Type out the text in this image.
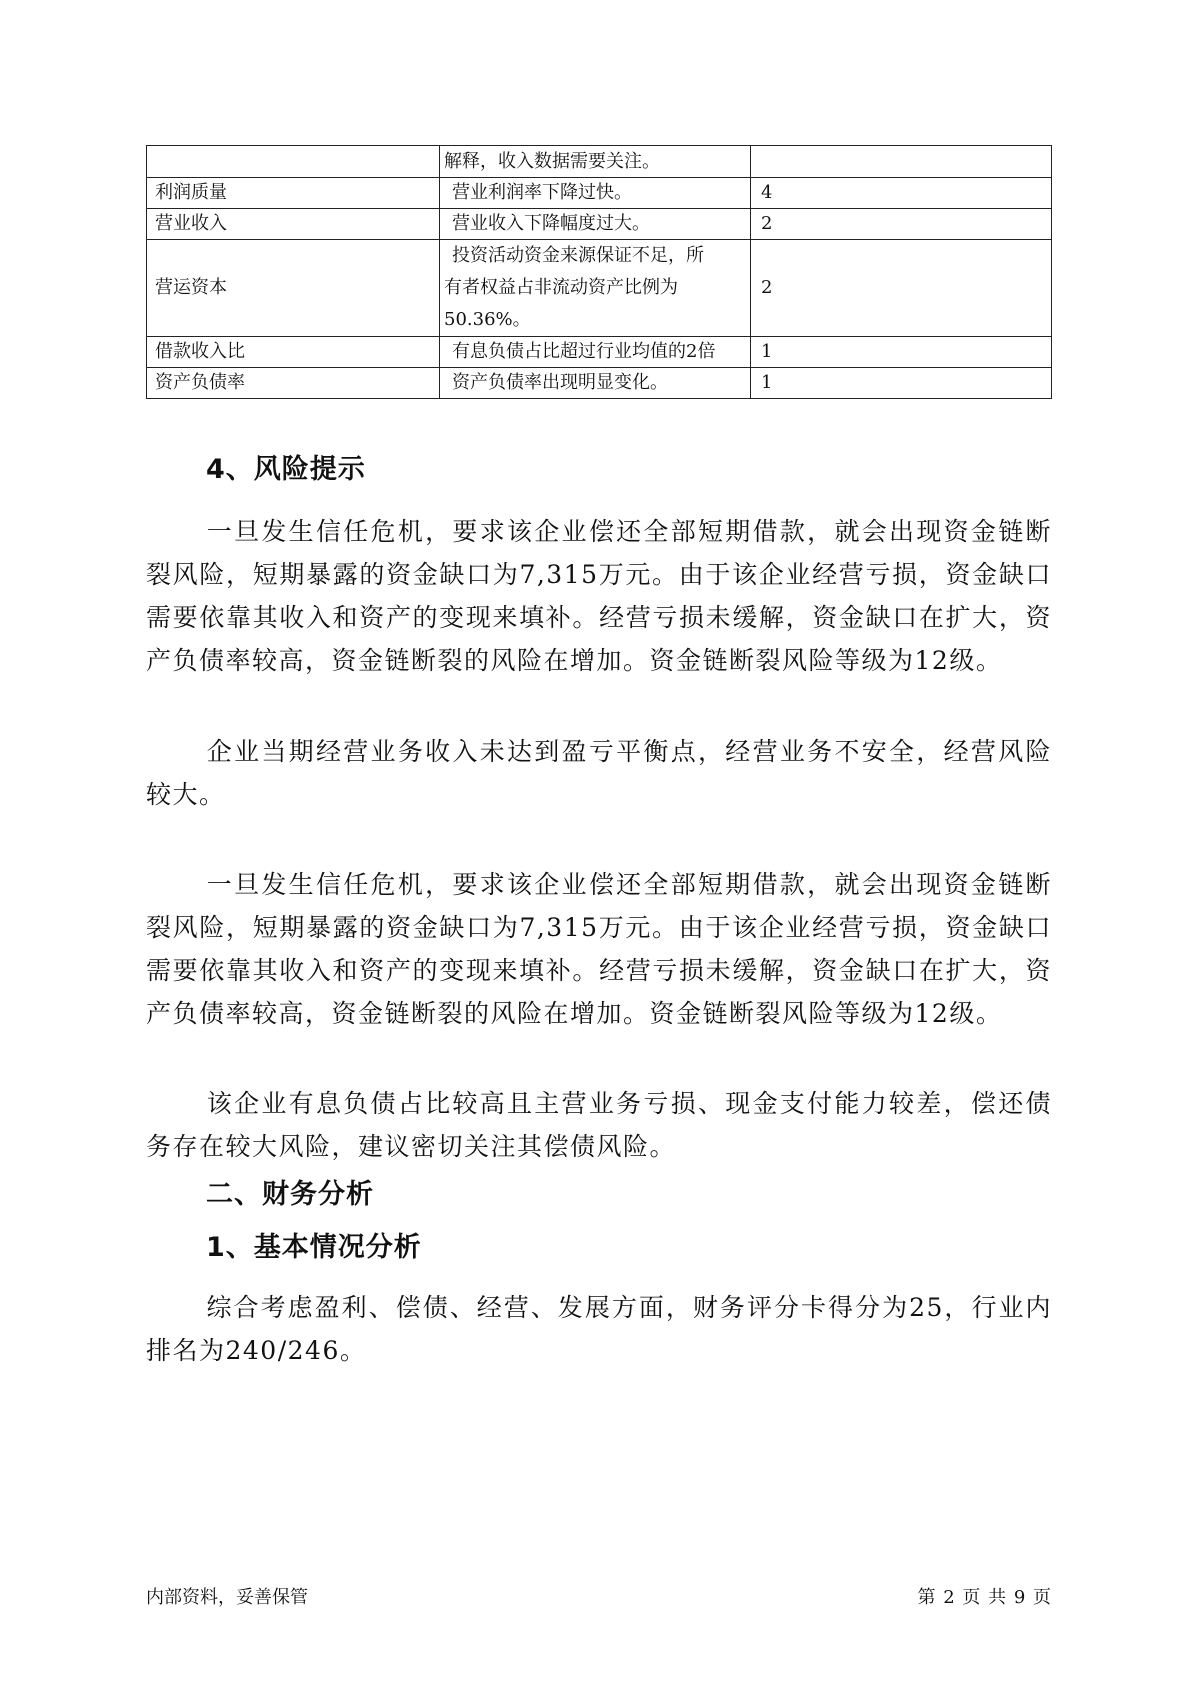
	解释，收入数据需要关注。	
利润质量	营业利润率下降过快。	4
营业收入	营业收入下降幅度过大。	2
营运资本	投资活动资金来源保证不足，所
有者权益占非流动资产比例为
50.36%。	2
借款收入比	有息负债占比超过行业均值的2倍	1
资产负债率	资产负债率出现明显变化。	1
4、风险提示

一旦发生信任危机，要求该企业偿还全部短期借款，就会出现资金链断裂风险，短期暴露的资金缺口为7,315万元。由于该企业经营亏损，资金缺口需要依靠其收入和资产的变现来填补。经营亏损未缓解，资金缺口在扩大，资产负债率较高，资金链断裂的风险在增加。资金链断裂风险等级为12级。

企业当期经营业务收入未达到盈亏平衡点，经营业务不安全，经营风险较大。

一旦发生信任危机，要求该企业偿还全部短期借款，就会出现资金链断裂风险，短期暴露的资金缺口为7,315万元。由于该企业经营亏损，资金缺口需要依靠其收入和资产的变现来填补。经营亏损未缓解，资金缺口在扩大，资产负债率较高，资金链断裂的风险在增加。资金链断裂风险等级为12级。

该企业有息负债占比较高且主营业务亏损、现金支付能力较差，偿还债务存在较大风险，建议密切关注其偿债风险。

二、财务分析
1、基本情况分析

综合考虑盈利、偿债、经营、发展方面，财务评分卡得分为25，行业内排名为240/246。

内部资料，妥善保管	第 2 页 共 9 页
